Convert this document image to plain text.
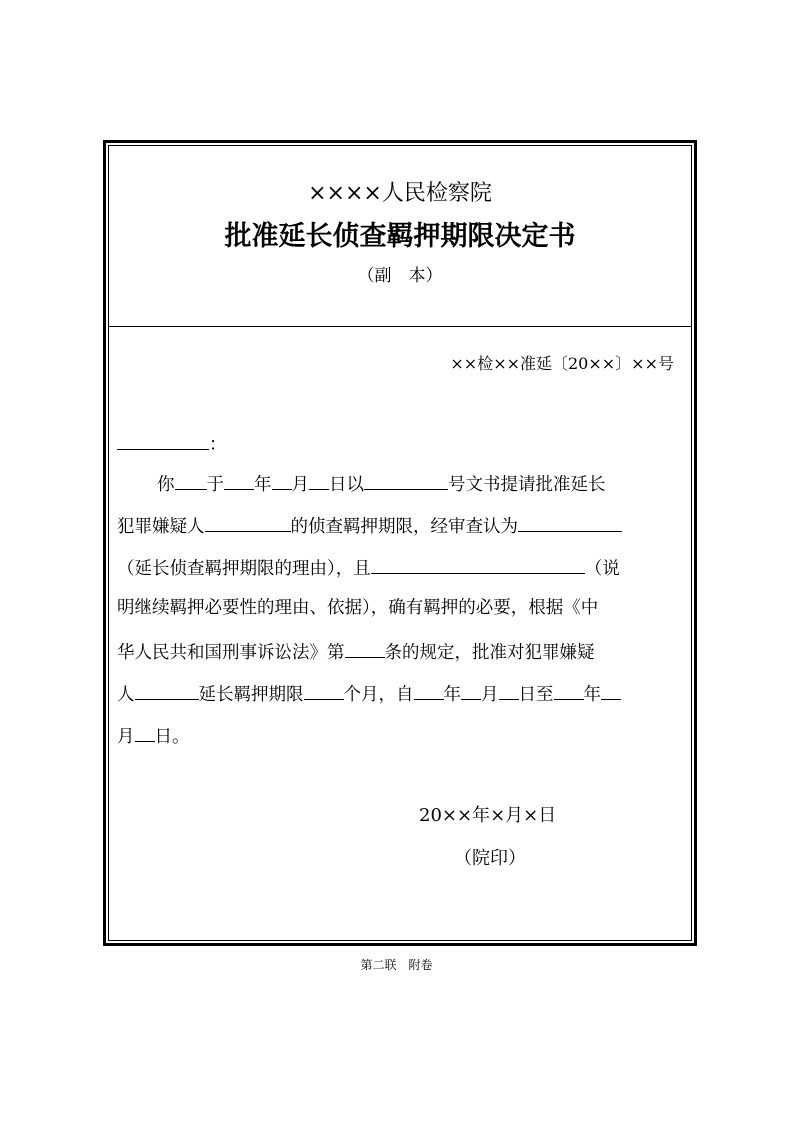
××××人民检察院
批准延长侦查羁押期限决定书
（副　本）
××检××准延〔20××〕××号
：
你 于 年 月 日以	号文书提请批准延长
犯罪嫌疑人	的侦查羁押期限，经审查认为
（延长侦查羁押期限的理由），且	（说
明继续羁押必要性的理由、依据），确有羁押的必要，根据《中
华人民共和国刑事诉讼法》第 条的规定，批准对犯罪嫌疑
人	延长羁押期限 个月，自 年 月 日至 年
月 日。
20××年×月×日
（院印）
第二联　附卷
